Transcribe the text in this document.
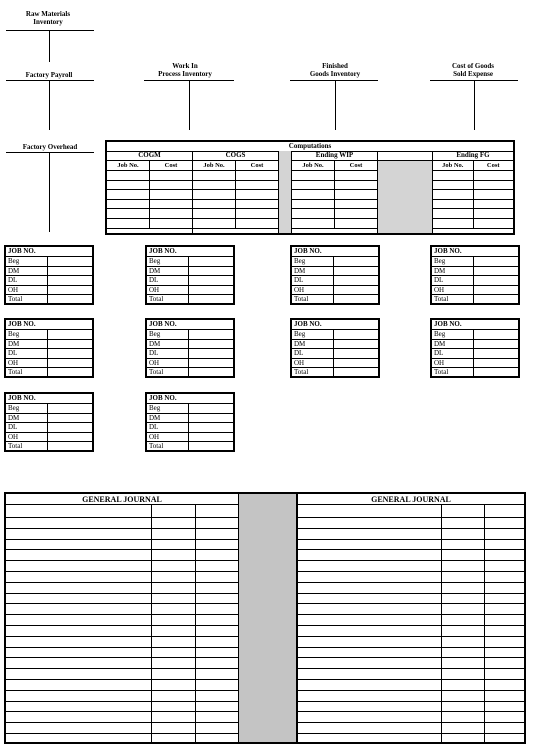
Raw Materials
Inventory
Factory Payroll
Work In
Process Inventory
Finished
Goods Inventory
Cost of Goods
Sold Expense
Factory Overhead	Computations
COGM
Job No.	Cost
COGS
Job No.	Cost
Ending WIP
Job No.	Cost
Ending FG
Job No.	Cost
JOB NO.
Beg
DM
DL
OH
Total
JOB NO.
Beg
DM
DL
OH
Total
JOB NO.
Beg
DM
DL
OH
Total
JOB NO.
Beg
DM
DL
OH
Total
JOB NO.
Beg
DM
DL
OH
Total
JOB NO.
Beg
DM
DL
OH
Total
JOB NO.
Beg
DM
DL
OH
Total
JOB NO.
Beg
DM
DL
OH
Total
JOB NO.
Beg
DM
DL
OH
Total
JOB NO.
Beg
DM
DL
OH
Total
GENERAL JOURNAL	GENERAL JOURNAL
